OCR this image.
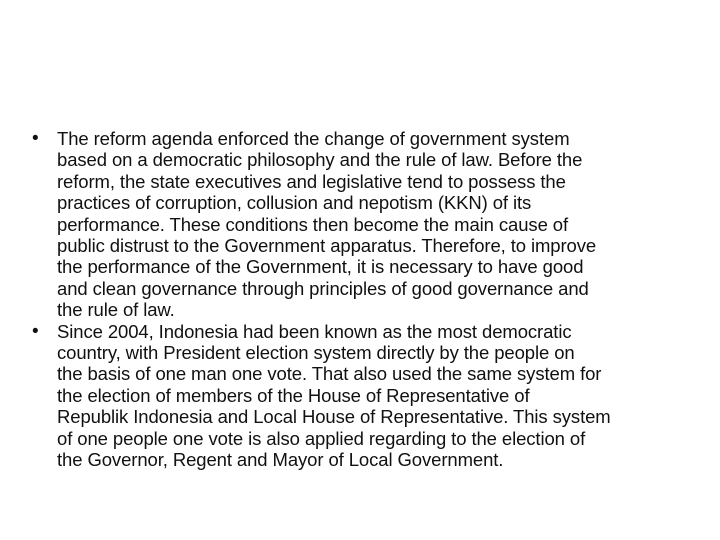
• The reform agenda enforced the change of government system
based on a democratic philosophy and the rule of law. Before the
reform, the state executives and legislative tend to possess the
practices of corruption, collusion and nepotism (KKN) of its
performance. These conditions then become the main cause of
public distrust to the Government apparatus. Therefore, to improve
the performance of the Government, it is necessary to have good
and clean governance through principles of good governance and
the rule of law.
• Since 2004, Indonesia had been known as the most democratic
country, with President election system directly by the people on
the basis of one man one vote. That also used the same system for
the election of members of the House of Representative of
Republik Indonesia and Local House of Representative. This system
of one people one vote is also applied regarding to the election of
the Governor, Regent and Mayor of Local Government.
